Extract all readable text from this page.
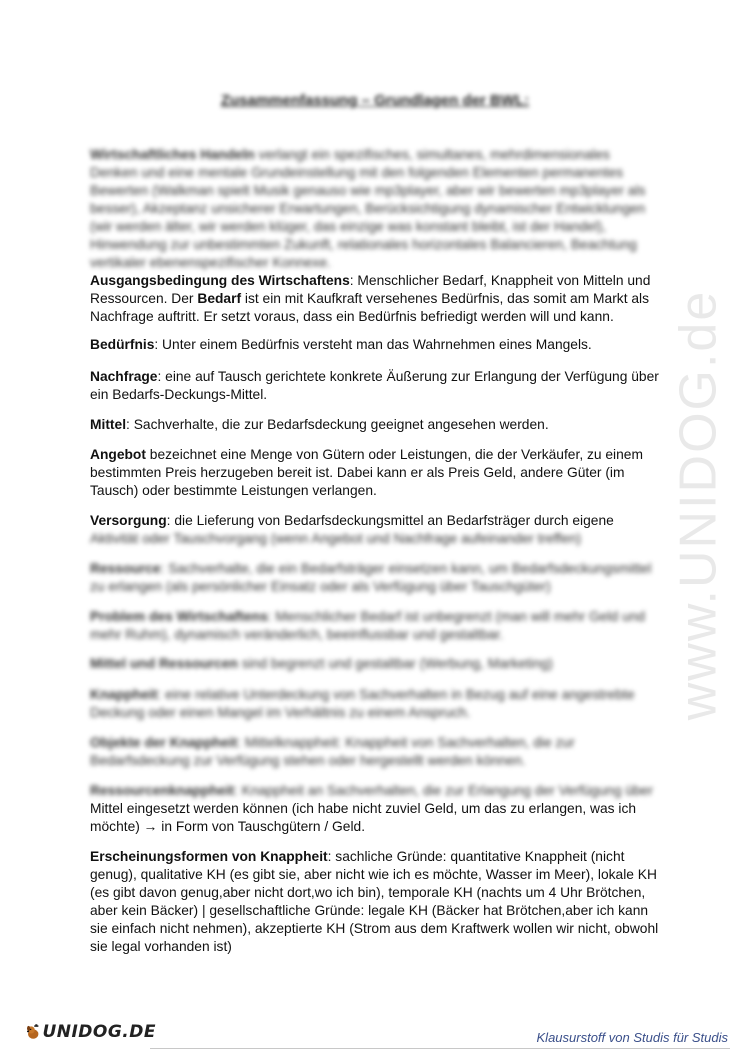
Zusammenfassung – Grundlagen der BWL:
www.UNIDOG.de
Wirtschaftliches Handeln verlangt ein spezifisches, simultanes, mehrdimensionales Denken und eine mentale Grundeinstellung mit den folgenden Elementen permanentes Bewerten (Walkman spielt Musik genauso wie mp3player, aber wir bewerten mp3player als besser), Akzeptanz unsicherer Erwartungen, Berücksichtigung dynamischer Entwicklungen (wir werden älter, wir werden klüger, das einzige was konstant bleibt, ist der Handel), Hinwendung zur unbestimmten Zukunft, relationales horizontales Balancieren, Beachtung vertikaler ebenenspezifischer Konnexe.
Ausgangsbedingung des Wirtschaftens: Menschlicher Bedarf, Knappheit von Mitteln und Ressourcen. Der Bedarf ist ein mit Kaufkraft versehenes Bedürfnis, das somit am Markt als Nachfrage auftritt. Er setzt voraus, dass ein Bedürfnis befriedigt werden will und kann.
Bedürfnis: Unter einem Bedürfnis versteht man das Wahrnehmen eines Mangels.
Nachfrage: eine auf Tausch gerichtete konkrete Äußerung zur Erlangung der Verfügung über ein Bedarfs-Deckungs-Mittel.
Mittel: Sachverhalte, die zur Bedarfsdeckung geeignet angesehen werden.
Angebot bezeichnet eine Menge von Gütern oder Leistungen, die der Verkäufer, zu einem bestimmten Preis herzugeben bereit ist. Dabei kann er als Preis Geld, andere Güter (im Tausch) oder bestimmte Leistungen verlangen.
Versorgung: die Lieferung von Bedarfsdeckungsmittel an Bedarfsträger durch eigene
Aktivität oder Tauschvorgang (wenn Angebot und Nachfrage aufeinander treffen)
Ressource: Sachverhalte, die ein Bedarfsträger einsetzen kann, um Bedarfsdeckungsmittel zu erlangen (als persönlicher Einsatz oder als Verfügung über Tauschgüter)
Problem des Wirtschaftens: Menschlicher Bedarf ist unbegrenzt (man will mehr Geld und mehr Ruhm), dynamisch veränderlich, beeinflussbar und gestaltbar.
Mittel und Ressourcen sind begrenzt und gestaltbar (Werbung, Marketing)
Knappheit: eine relative Unterdeckung von Sachverhalten in Bezug auf eine angestrebte Deckung oder einen Mangel im Verhältnis zu einem Anspruch.
Objekte der Knappheit: Mittelknappheit: Knappheit von Sachverhalten, die zur Bedarfsdeckung zur Verfügung stehen oder hergestellt werden können.
Ressourcenknappheit: Knappheit an Sachverhalten, die zur Erlangung der Verfügung über
Mittel eingesetzt werden können (ich habe nicht zuviel Geld, um das zu erlangen, was ich möchte) → in Form von Tauschgütern / Geld.
Erscheinungsformen von Knappheit: sachliche Gründe: quantitative Knappheit (nicht genug), qualitative KH (es gibt sie, aber nicht wie ich es möchte, Wasser im Meer), lokale KH (es gibt davon genug,aber nicht dort,wo ich bin), temporale KH (nachts um 4 Uhr Brötchen, aber kein Bäcker) | gesellschaftliche Gründe: legale KH (Bäcker hat Brötchen,aber ich kann sie einfach nicht nehmen), akzeptierte KH (Strom aus dem Kraftwerk wollen wir nicht, obwohl sie legal vorhanden ist)
UNIDOG.DE	Klausurstoff von Studis für Studis
